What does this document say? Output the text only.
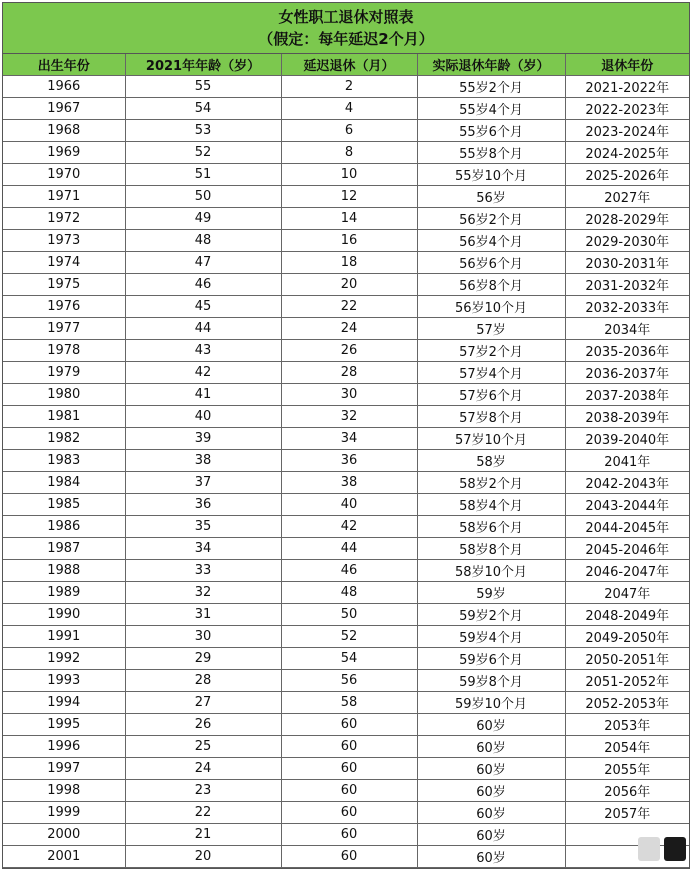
女性职工退休对照表
（假定：每年延迟2个月）
出生年份	2021年年龄（岁）	延迟退休（月）	实际退休年龄（岁）	退休年份
1966	55	2	55岁2个月	2021-2022年
1967	54	4	55岁4个月	2022-2023年
1968	53	6	55岁6个月	2023-2024年
1969	52	8	55岁8个月	2024-2025年
1970	51	10	55岁10个月	2025-2026年
1971	50	12	56岁	2027年
1972	49	14	56岁2个月	2028-2029年
1973	48	16	56岁4个月	2029-2030年
1974	47	18	56岁6个月	2030-2031年
1975	46	20	56岁8个月	2031-2032年
1976	45	22	56岁10个月	2032-2033年
1977	44	24	57岁	2034年
1978	43	26	57岁2个月	2035-2036年
1979	42	28	57岁4个月	2036-2037年
1980	41	30	57岁6个月	2037-2038年
1981	40	32	57岁8个月	2038-2039年
1982	39	34	57岁10个月	2039-2040年
1983	38	36	58岁	2041年
1984	37	38	58岁2个月	2042-2043年
1985	36	40	58岁4个月	2043-2044年
1986	35	42	58岁6个月	2044-2045年
1987	34	44	58岁8个月	2045-2046年
1988	33	46	58岁10个月	2046-2047年
1989	32	48	59岁	2047年
1990	31	50	59岁2个月	2048-2049年
1991	30	52	59岁4个月	2049-2050年
1992	29	54	59岁6个月	2050-2051年
1993	28	56	59岁8个月	2051-2052年
1994	27	58	59岁10个月	2052-2053年
1995	26	60	60岁	2053年
1996	25	60	60岁	2054年
1997	24	60	60岁	2055年
1998	23	60	60岁	2056年
1999	22	60	60岁	2057年
2000	21	60	60岁	
2001	20	60	60岁	
